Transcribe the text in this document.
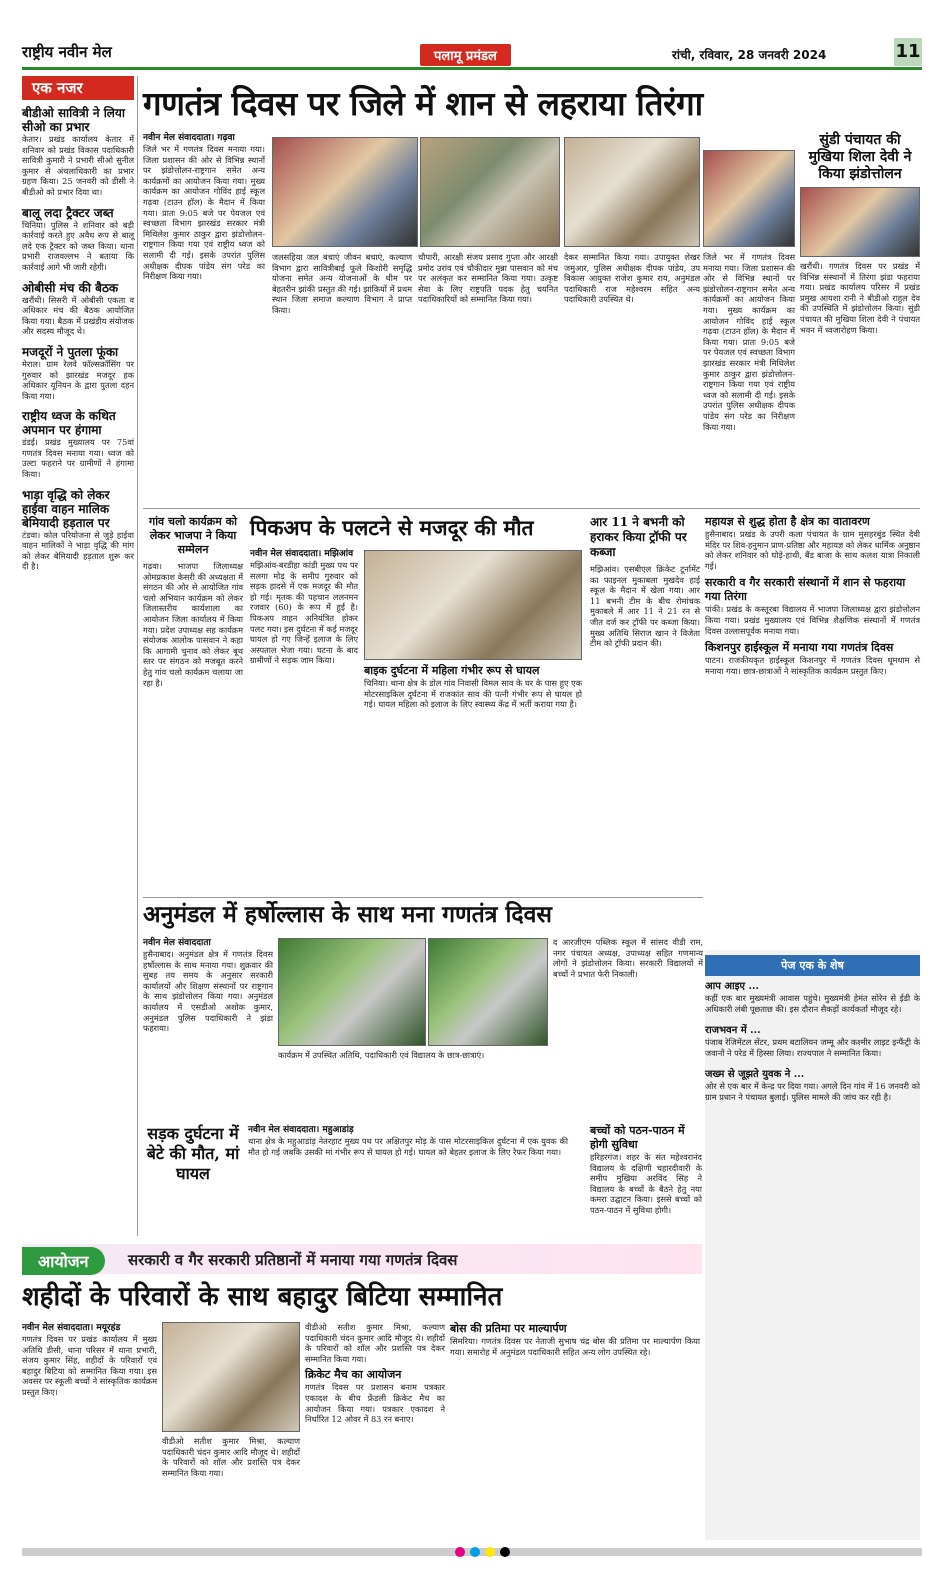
राष्ट्रीय नवीन मेल	पलामू प्रमंडल	रांची, रविवार, 28 जनवरी 2024	11
एक नजर
बीडीओ सावित्री ने लिया सीओ का प्रभार
केतार। प्रखंड कार्यालय केतार में शनिवार को प्रखंड विकास पदाधिकारी सावित्री कुमारी ने प्रभारी सीओ सुनील कुमार से अंचलाधिकारी का प्रभार ग्रहण किया। 25 जनवरी को डीसी ने बीडीओ को प्रभार दिया था।
बालू लदा ट्रैक्टर जब्त
चिनिया। पुलिस ने शनिवार को बड़ी कार्रवाई करते हुए अवैध रूप से बालू लदे एक ट्रैक्टर को जब्त किया। थाना प्रभारी राजवल्लभ ने बताया कि कार्रवाई आगे भी जारी रहेगी।
ओबीसी मंच की बैठक
खरौंधी। सिसरी में ओबीसी एकता व अधिकार मंच की बैठक आयोजित किया गया। बैठक में प्रखंडीय संयोजक और सदस्य मौजूद थे।
मजदूरों ने पुतला फूंका
मेराल। ग्राम रेलवे फॉल्सक्रॉसिंग पर गुरुवार को झारखंड मजदूर हक अधिकार यूनियन के द्वारा पुतला दहन किया गया।
राष्ट्रीय ध्वज के कथित अपमान पर हंगामा
डंडई। प्रखंड मुख्यालय पर 75वां गणतंत्र दिवस मनाया गया। ध्वज को उल्टा फहराने पर ग्रामीणों ने हंगामा किया।
भाड़ा वृद्धि को लेकर हाईवा वाहन मालिक बेमियादी हड़ताल पर
टंडवा। कोल परियोजना से जुड़े हाईवा वाहन मालिकों ने भाड़ा वृद्धि की मांग को लेकर बेमियादी हड़ताल शुरू कर दी है।
गणतंत्र दिवस पर जिले में शान से लहराया तिरंगा
नवीन मेल संवाददाता। गढ़वा
जिले भर में गणतंत्र दिवस मनाया गया। जिला प्रशासन की ओर से विभिन्न स्थानों पर झंडोत्तोलन-राष्ट्रगान समेत अन्य कार्यक्रमों का आयोजन किया गया। मुख्य कार्यक्रम का आयोजन गोविंद हाई स्कूल गढ़वा (टाउन हॉल) के मैदान में किया गया। प्रातः 9:05 बजे पर पेयजल एवं स्वच्छता विभाग झारखंड सरकार मंत्री मिथिलेश कुमार ठाकुर द्वारा झंडोत्तोलन-राष्ट्रगान किया गया एवं राष्ट्रीय ध्वज को सलामी दी गई। इसके उपरांत पुलिस अधीक्षक दीपक पांडेय संग परेड का निरीक्षण किया गया।
जलसहिया जल बचाएं जीवन बचाएं, कल्याण विभाग द्वारा सावित्रीबाई फूले किशोरी समृद्धि योजना समेत अन्य योजनाओं के थीम पर बेहतरीन झांकी प्रस्तुत की गई। झांकियों में प्रथम स्थान जिला समाज कल्याण विभाग ने प्राप्त किया।
चौपारी, आरक्षी संजय प्रसाद गुप्ता और आरक्षी प्रमोद उरांव एवं चौकीदार मुन्ना पासवान को मंच पर अलंकृत कर सम्मानित किया गया। उत्कृष्ट सेवा के लिए राष्ट्रपति पदक हेतु चयनित पदाधिकारियों को सम्मानित किया गया।
देकर सम्मानित किया गया। उपायुक्त शेखर जमुआर, पुलिस अधीक्षक दीपक पांडेय, उप विकास आयुक्त राजेश कुमार राय, अनुमंडल पदाधिकारी राज महेश्वरम सहित अन्य पदाधिकारी उपस्थित थे।
जिले भर में गणतंत्र दिवस मनाया गया। जिला प्रशासन की ओर से विभिन्न स्थानों पर झंडोत्तोलन-राष्ट्रगान समेत अन्य कार्यक्रमों का आयोजन किया गया। मुख्य कार्यक्रम का आयोजन गोविंद हाई स्कूल गढ़वा (टाउन हॉल) के मैदान में किया गया। प्रातः 9:05 बजे पर पेयजल एवं स्वच्छता विभाग झारखंड सरकार मंत्री मिथिलेश कुमार ठाकुर द्वारा झंडोत्तोलन-राष्ट्रगान किया गया एवं राष्ट्रीय ध्वज को सलामी दी गई। इसके उपरांत पुलिस अधीक्षक दीपक पांडेय संग परेड का निरीक्षण किया गया।
सुंडी पंचायत की मुखिया शिला देवी ने किया झंडोत्तोलन
खरौंधी। गणतंत्र दिवस पर प्रखंड में विभिन्न संस्थानों में तिरंगा झंडा फहराया गया। प्रखंड कार्यालय परिसर में प्रखंड प्रमुख आयशा रानी ने बीडीओ राहुल देव की उपस्थिति में झंडोत्तोलन किया। सुंडी पंचायत की मुखिया शिला देवी ने पंचायत भवन में ध्वजारोहण किया।
गांव चलो कार्यक्रम को लेकर भाजपा ने किया सम्मेलन
गढ़वा। भाजपा जिलाध्यक्ष ओमप्रकाश केसरी की अध्यक्षता में संगठन की ओर से आयोजित गांव चलो अभियान कार्यक्रम को लेकर जिलास्तरीय कार्यशाला का आयोजन जिला कार्यालय में किया गया। प्रदेश उपाध्यक्ष सह कार्यक्रम संयोजक आलोक पासवान ने कहा कि आगामी चुनाव को लेकर बूथ स्तर पर संगठन को मजबूत करने हेतु गांव चलो कार्यक्रम चलाया जा रहा है।
पिकअप के पलटने से मजदूर की मौत
नवीन मेल संवाददाता। मझिआंव
मझिआंव-बरडीहा कांडी मुख्य पथ पर सलगा मोड़ के समीप गुरुवार को सड़क हादसे में एक मजदूर की मौत हो गई। मृतक की पहचान ललनमन रजवार (60) के रूप में हुई है। पिकअप वाहन अनियंत्रित होकर पलट गया। इस दुर्घटना में कई मजदूर घायल हो गए जिन्हें इलाज के लिए अस्पताल भेजा गया। घटना के बाद ग्रामीणों ने सड़क जाम किया।
बाइक दुर्घटना में महिला गंभीर रूप से घायल
चिनिया। थाना क्षेत्र के डोल गांव निवासी विमल साव के घर के पास हुए एक मोटरसाइकिल दुर्घटना में राजकांत साव की पत्नी गंभीर रूप से घायल हो गई। घायल महिला को इलाज के लिए स्वास्थ्य केंद्र में भर्ती कराया गया है।
आर 11 ने बभनी को हराकर किया ट्रॉफी पर कब्जा
मझिआंव। एसबीएल क्रिकेट टूर्नामेंट का फाइनल मुकाबला मुखदेव हाई स्कूल के मैदान में खेला गया। आर 11 बभनी टीम के बीच रोमांचक मुकाबले में आर 11 ने 21 रन से जीत दर्ज कर ट्रॉफी पर कब्जा किया। मुख्य अतिथि सिराज खान ने विजेता टीम को ट्रॉफी प्रदान की।
महायज्ञ से शुद्ध होता है क्षेत्र का वातावरण
हुसैनाबाद। प्रखंड के उपरी कला पंचायत के ग्राम मुसहरबुंड स्थित देवी मंदिर पर शिव-हनुमान प्राण-प्रतिष्ठा और महायज्ञ को लेकर धार्मिक अनुष्ठान को लेकर शनिवार को घोड़े-हाथी, बैंड बाजा के साथ कलश यात्रा निकाली गई।
सरकारी व गैर सरकारी संस्थानों में शान से फहराया गया तिरंगा
पांकी। प्रखंड के कस्तूरबा विद्यालय में भाजपा जिलाध्यक्ष द्वारा झंडोत्तोलन किया गया। प्रखंड मुख्यालय एवं विभिन्न शैक्षणिक संस्थानों में गणतंत्र दिवस उल्लासपूर्वक मनाया गया।
किशनपुर हाईस्कूल में मनाया गया गणतंत्र दिवस
पाटन। राजकीयकृत हाईस्कूल किशनपुर में गणतंत्र दिवस धूमधाम से मनाया गया। छात्र-छात्राओं ने सांस्कृतिक कार्यक्रम प्रस्तुत किए।
अनुमंडल में हर्षोल्लास के साथ मना गणतंत्र दिवस
नवीन मेल संवाददाता
हुसैनाबाद। अनुमंडल क्षेत्र में गणतंत्र दिवस हर्षोल्लास के साथ मनाया गया। शुक्रवार की सुबह तय समय के अनुसार सरकारी कार्यालयों और शिक्षण संस्थानों पर राष्ट्रगान के साथ झंडोत्तोलन किया गया। अनुमंडल कार्यालय में एसडीओ अशोक कुमार, अनुमंडल पुलिस पदाधिकारी ने झंडा फहराया।
कार्यक्रम में उपस्थित अतिथि, पदाधिकारी एवं विद्यालय के छात्र-छात्राएं।
द आरजीएम पब्लिक स्कूल में सांसद वीडी राम, नगर पंचायत अध्यक्ष, उपाध्यक्ष सहित गणमान्य लोगों ने झंडोत्तोलन किया। सरकारी विद्यालयों में बच्चों ने प्रभात फेरी निकाली।
सड़क दुर्घटना में बेटे की मौत, मां घायल
नवीन मेल संवाददाता। महुआडांड़
थाना क्षेत्र के महुआडांड़ नेतरहाट मुख्य पथ पर अक्षितपुर मोड़ के पास मोटरसाइकिल दुर्घटना में एक युवक की मौत हो गई जबकि उसकी मां गंभीर रूप से घायल हो गई। घायल को बेहतर इलाज के लिए रेफर किया गया।
बच्चों को पठन-पाठन में होगी सुविधा
हरिहरगंज। शहर के संत महेश्वरानंद विद्यालय के दक्षिणी चहारदीवारी के समीप मुखिया अरविंद सिंह ने विद्यालय के बच्चों के बैठने हेतु नया कमरा उद्घाटन किया। इससे बच्चों को पठन-पाठन में सुविधा होगी।
पेज एक के शेष
आप आइए ...
कहीं एक बार मुख्यमंत्री आवास पहुंचे। मुख्यमंत्री हेमंत सोरेन से ईडी के अधिकारी लंबी पूछताछ की। इस दौरान सैकड़ों कार्यकर्ता मौजूद रहे।
राजभवन में ...
पंजाब रेजिमेंटल सेंटर, प्रथम बटालियन जम्मू और कश्मीर लाइट इन्फैंट्री के जवानों ने परेड में हिस्सा लिया। राज्यपाल ने सम्मानित किया।
जख्म से जूझते युवक ने ...
ओर से एक बार में केन्द्र पर दिया गया। अगले दिन गांव में 16 जनवरी को ग्राम प्रधान ने पंचायत बुलाई। पुलिस मामले की जांच कर रही है।
आयोजन	सरकारी व गैर सरकारी प्रतिष्ठानों में मनाया गया गणतंत्र दिवस
शहीदों के परिवारों के साथ बहादुर बिटिया सम्मानित
नवीन मेल संवाददाता। मयूरहंड
गणतंत्र दिवस पर प्रखंड कार्यालय में मुख्य अतिथि डीसी, थाना परिसर में थाना प्रभारी, संजय कुमार सिंह, शहीदों के परिवारों एवं बहादुर बिटिया को सम्मानित किया गया। इस अवसर पर स्कूली बच्चों ने सांस्कृतिक कार्यक्रम प्रस्तुत किए।
वीडीओ सतीश कुमार मिश्रा, कल्याण पदाधिकारी चंदन कुमार आदि मौजूद थे। शहीदों के परिवारों को शॉल और प्रशस्ति पत्र देकर सम्मानित किया गया।
वीडीओ सतीश कुमार मिश्रा, कल्याण पदाधिकारी चंदन कुमार आदि मौजूद थे। शहीदों के परिवारों को शॉल और प्रशस्ति पत्र देकर सम्मानित किया गया।
क्रिकेट मैच का आयोजन
गणतंत्र दिवस पर प्रशासन बनाम पत्रकार एकादश के बीच फ्रेंडली क्रिकेट मैच का आयोजन किया गया। पत्रकार एकादश ने निर्धारित 12 ओवर में 83 रन बनाए।
बोस की प्रतिमा पर माल्यार्पण
सिमरिया। गणतंत्र दिवस पर नेताजी सुभाष चंद्र बोस की प्रतिमा पर माल्यार्पण किया गया। समारोह में अनुमंडल पदाधिकारी सहित अन्य लोग उपस्थित रहे।
